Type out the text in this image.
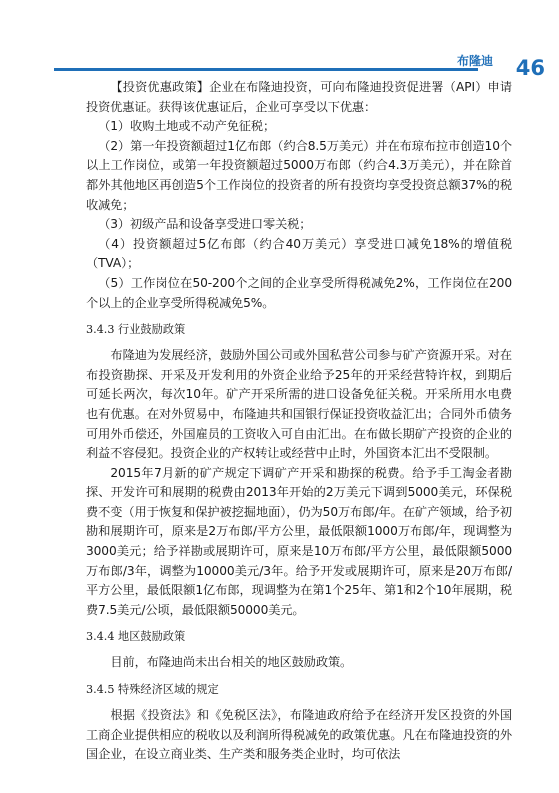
布隆迪 46

【投资优惠政策】企业在布隆迪投资，可向布隆迪投资促进署（API）申请投资优惠证。获得该优惠证后，企业可享受以下优惠：

（1）收购土地或不动产免征税；

（2）第一年投资额超过1亿布郎（约合8.5万美元）并在布琼布拉市创造10个以上工作岗位，或第一年投资额超过5000万布郎（约合4.3万美元），并在除首都外其他地区再创造5个工作岗位的投资者的所有投资均享受投资总额37%的税收减免；

（3）初级产品和设备享受进口零关税；

（4）投资额超过5亿布郎（约合40万美元）享受进口减免18%的增值税（TVA）；

（5）工作岗位在50-200个之间的企业享受所得税减免2%，工作岗位在200个以上的企业享受所得税减免5%。

3.4.3 行业鼓励政策

布隆迪为发展经济，鼓励外国公司或外国私营公司参与矿产资源开采。对在布投资勘探、开采及开发利用的外资企业给予25年的开采经营特许权，到期后可延长两次，每次10年。矿产开采所需的进口设备免征关税。开采所用水电费也有优惠。在对外贸易中，布隆迪共和国银行保证投资收益汇出；合同外币债务可用外币偿还，外国雇员的工资收入可自由汇出。在布做长期矿产投资的企业的利益不容侵犯。投资企业的产权转让或经营中止时，外国资本汇出不受限制。

2015年7月新的矿产规定下调矿产开采和勘探的税费。给予手工淘金者勘探、开发许可和展期的税费由2013年开始的2万美元下调到5000美元，环保税费不变（用于恢复和保护被挖掘地面），仍为50万布郎/年。在矿产领域，给予初勘和展期许可，原来是2万布郎/平方公里，最低限额1000万布郎/年，现调整为3000美元；给予祥勘或展期许可，原来是10万布郎/平方公里，最低限额5000万布郎/3年，调整为10000美元/3年。给予开发或展期许可，原来是20万布郎/平方公里，最低限额1亿布郎，现调整为在第1个25年、第1和2个10年展期，税费7.5美元/公顷，最低限额50000美元。

3.4.4 地区鼓励政策

目前，布隆迪尚未出台相关的地区鼓励政策。

3.4.5 特殊经济区域的规定

根据《投资法》和《免税区法》，布隆迪政府给予在经济开发区投资的外国工商企业提供相应的税收以及利润所得税减免的政策优惠。凡在布隆迪投资的外国企业，在设立商业类、生产类和服务类企业时，均可依法
